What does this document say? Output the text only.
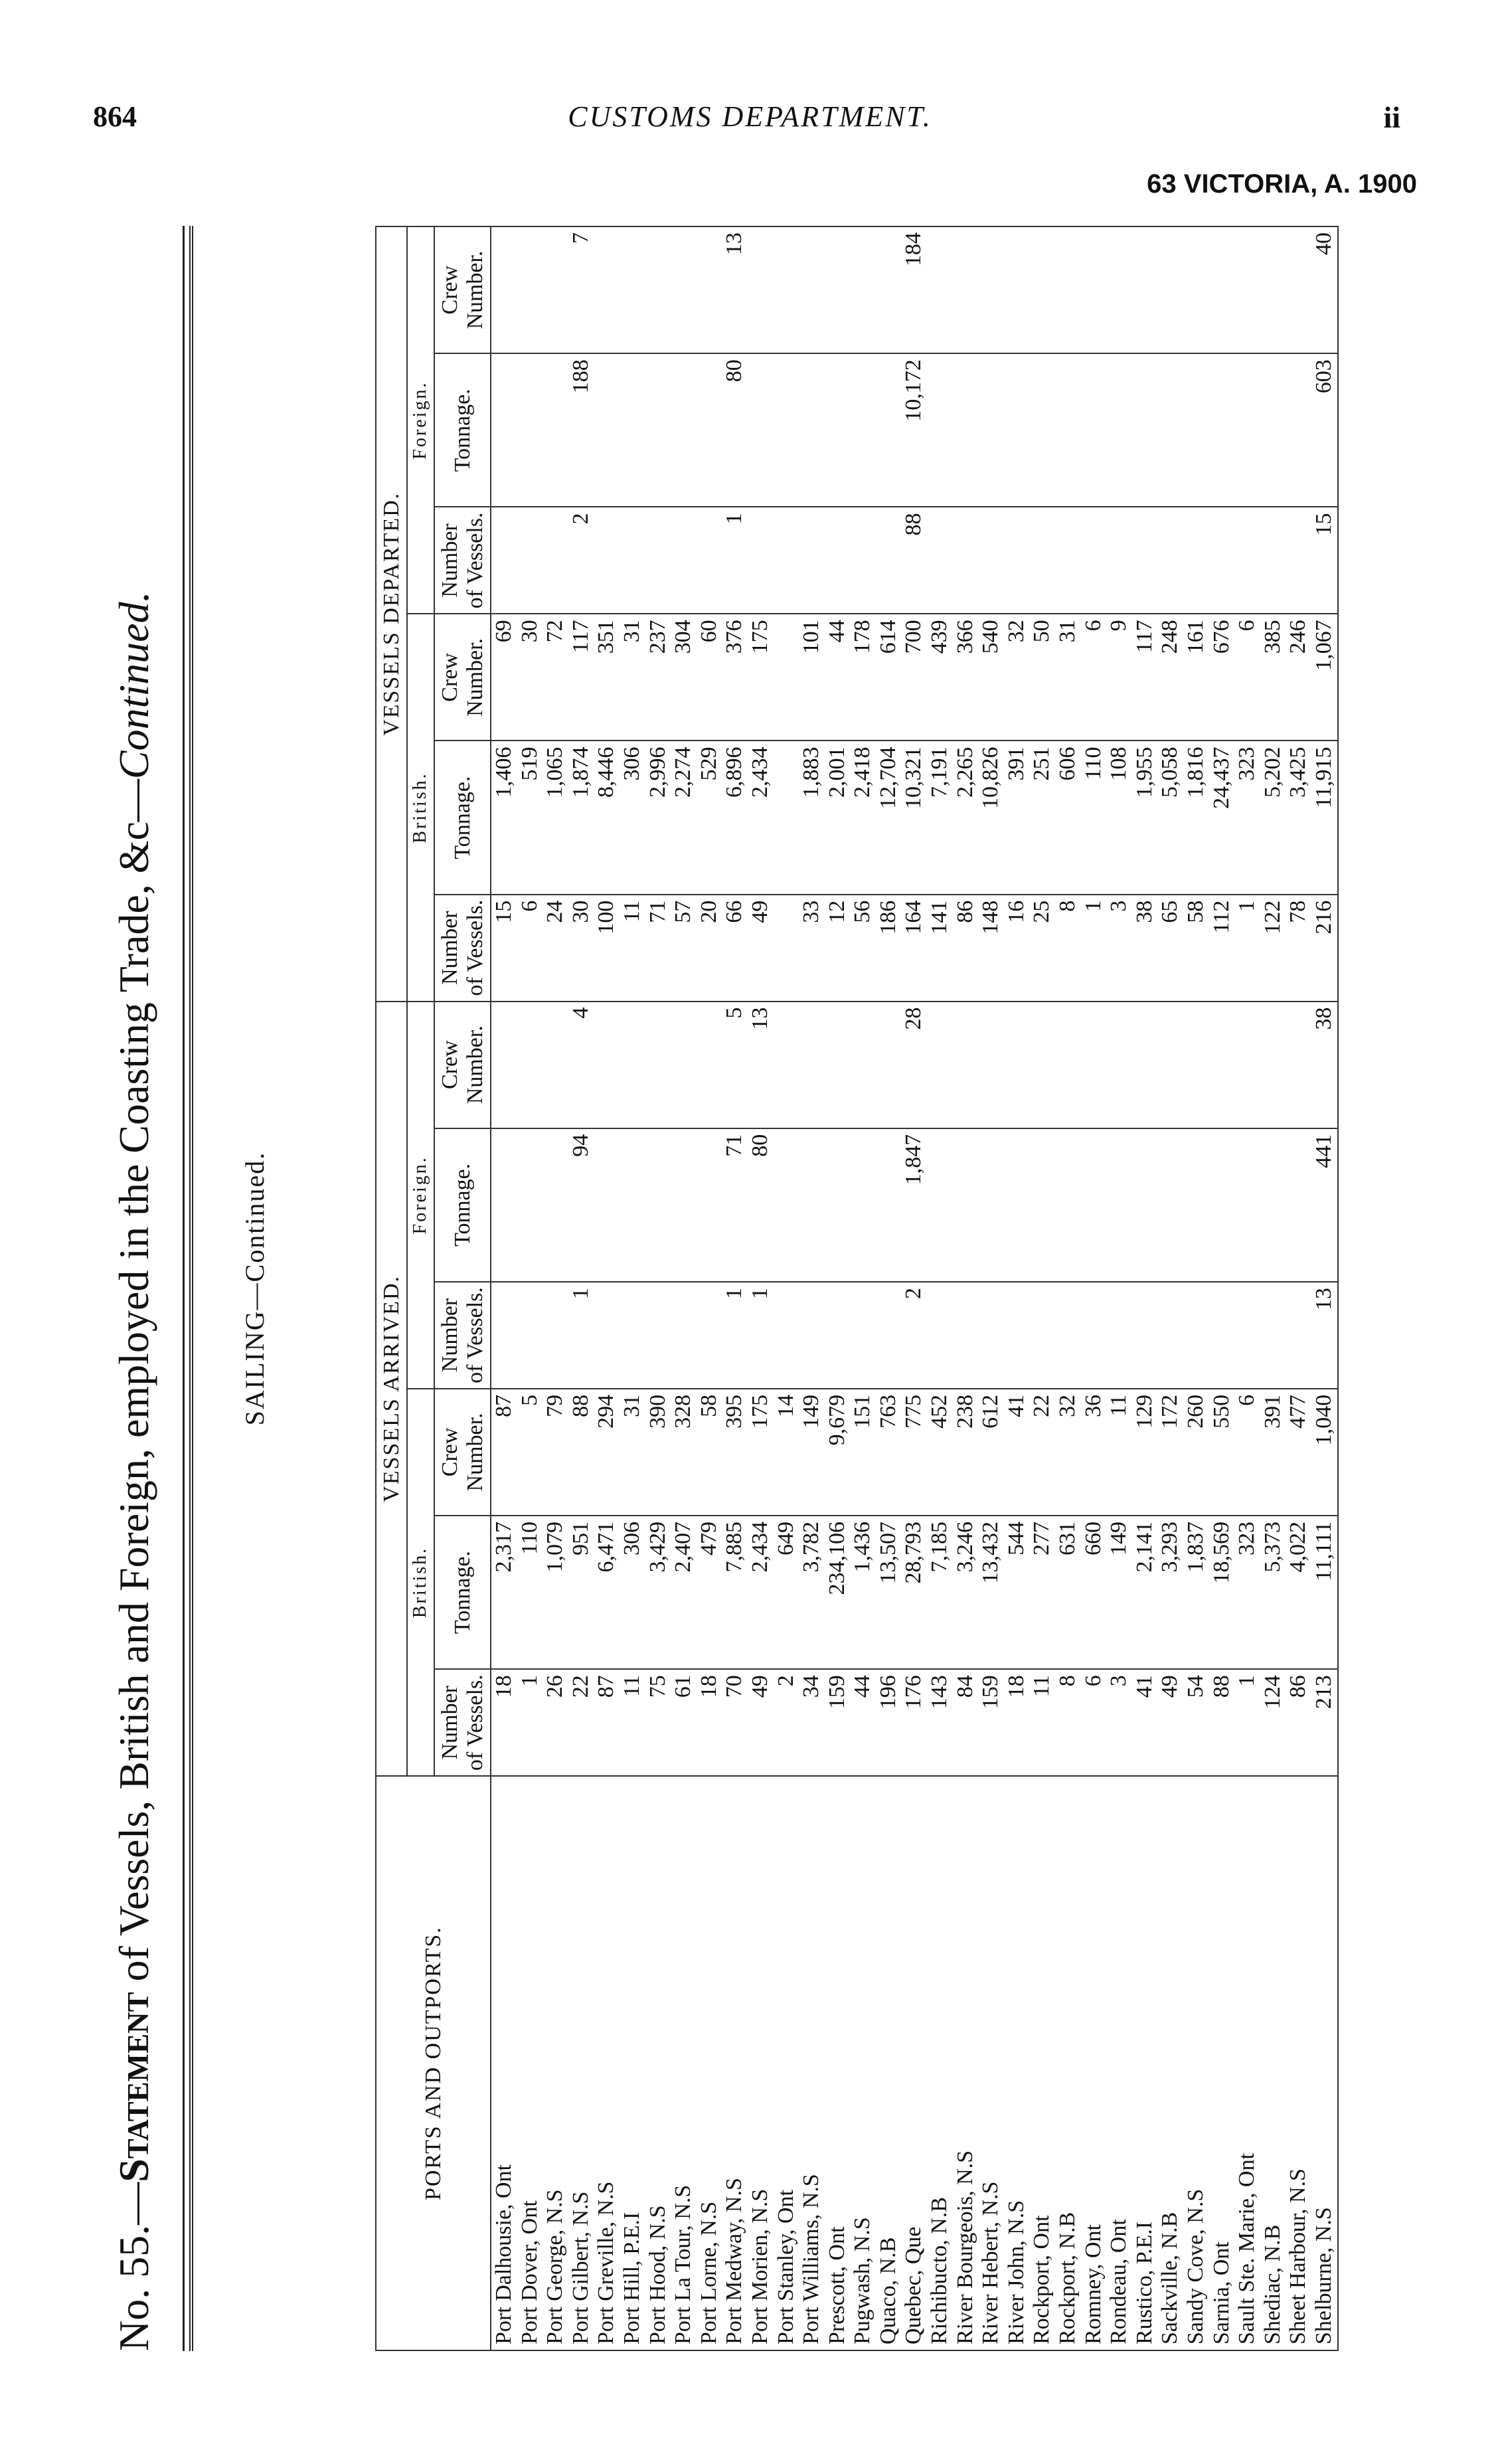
864	CUSTOMS DEPARTMENT.	ii
63 VICTORIA, A. 1900
No. 55.—Statement of Vessels, British and Foreign, employed in the Coasting Trade, &c—Continued.
SAILING—Continued.
PORTS AND OUTPORTS.	VESSELS ARRIVED.						VESSELS DEPARTED.					
	British.			Foreign.			British.			Foreign.		
	Number of Vessels.	Tonnage.	Crew Number.	Number of Vessels.	Tonnage.	Crew Number.	Number of Vessels.	Tonnage.	Crew Number.	Number of Vessels.	Tonnage.	Crew Number.
Port Dalhousie, Ont	18	2,317	87				15	1,406	69			
Port Dover, Ont	1	110	5				6	519	30			
Port George, N.S	26	1,079	79				24	1,065	72			
Port Gilbert, N.S	22	951	88	1	94	4	30	1,874	117	2	188	7
Port Greville, N.S	87	6,471	294				100	8,446	351			
Port Hill, P.E.I	11	306	31				11	306	31			
Port Hood, N.S	75	3,429	390				71	2,996	237			
Port La Tour, N.S	61	2,407	328				57	2,274	304			
Port Lorne, N.S	18	479	58				20	529	60			
Port Medway, N.S	70	7,885	395	1	71	5	66	6,896	376	1	80	13
Port Morien, N.S	49	2,434	175	1	80	13	49	2,434	175			
Port Stanley, Ont	2	649	14									
Port Williams, N.S	34	3,782	149				33	1,883	101			
Prescott, Ont	159	234,106	9,679				12	2,001	44			
Pugwash, N.S	44	1,436	151				56	2,418	178			
Quaco, N.B	196	13,507	763				186	12,704	614			
Quebec, Que	176	28,793	775	2	1,847	28	164	10,321	700	88	10,172	184
Richibucto, N.B	143	7,185	452				141	7,191	439			
River Bourgeois, N.S	84	3,246	238				86	2,265	366			
River Hebert, N.S	159	13,432	612				148	10,826	540			
River John, N.S	18	544	41				16	391	32			
Rockport, Ont	11	277	22				25	251	50			
Rockport, N.B	8	631	32				8	606	31			
Romney, Ont	6	660	36				1	110	6			
Rondeau, Ont	3	149	11				3	108	9			
Rustico, P.E.I	41	2,141	129				38	1,955	117			
Sackville, N.B	49	3,293	172				65	5,058	248			
Sandy Cove, N.S	54	1,837	260				58	1,816	161			
Sarnia, Ont	88	18,569	550				112	24,437	676			
Sault Ste. Marie, Ont	1	323	6				1	323	6			
Shediac, N.B	124	5,373	391				122	5,202	385			
Sheet Harbour, N.S	86	4,022	477				78	3,425	246			
Shelburne, N.S	213	11,111	1,040	13	441	38	216	11,915	1,067	15	603	40
